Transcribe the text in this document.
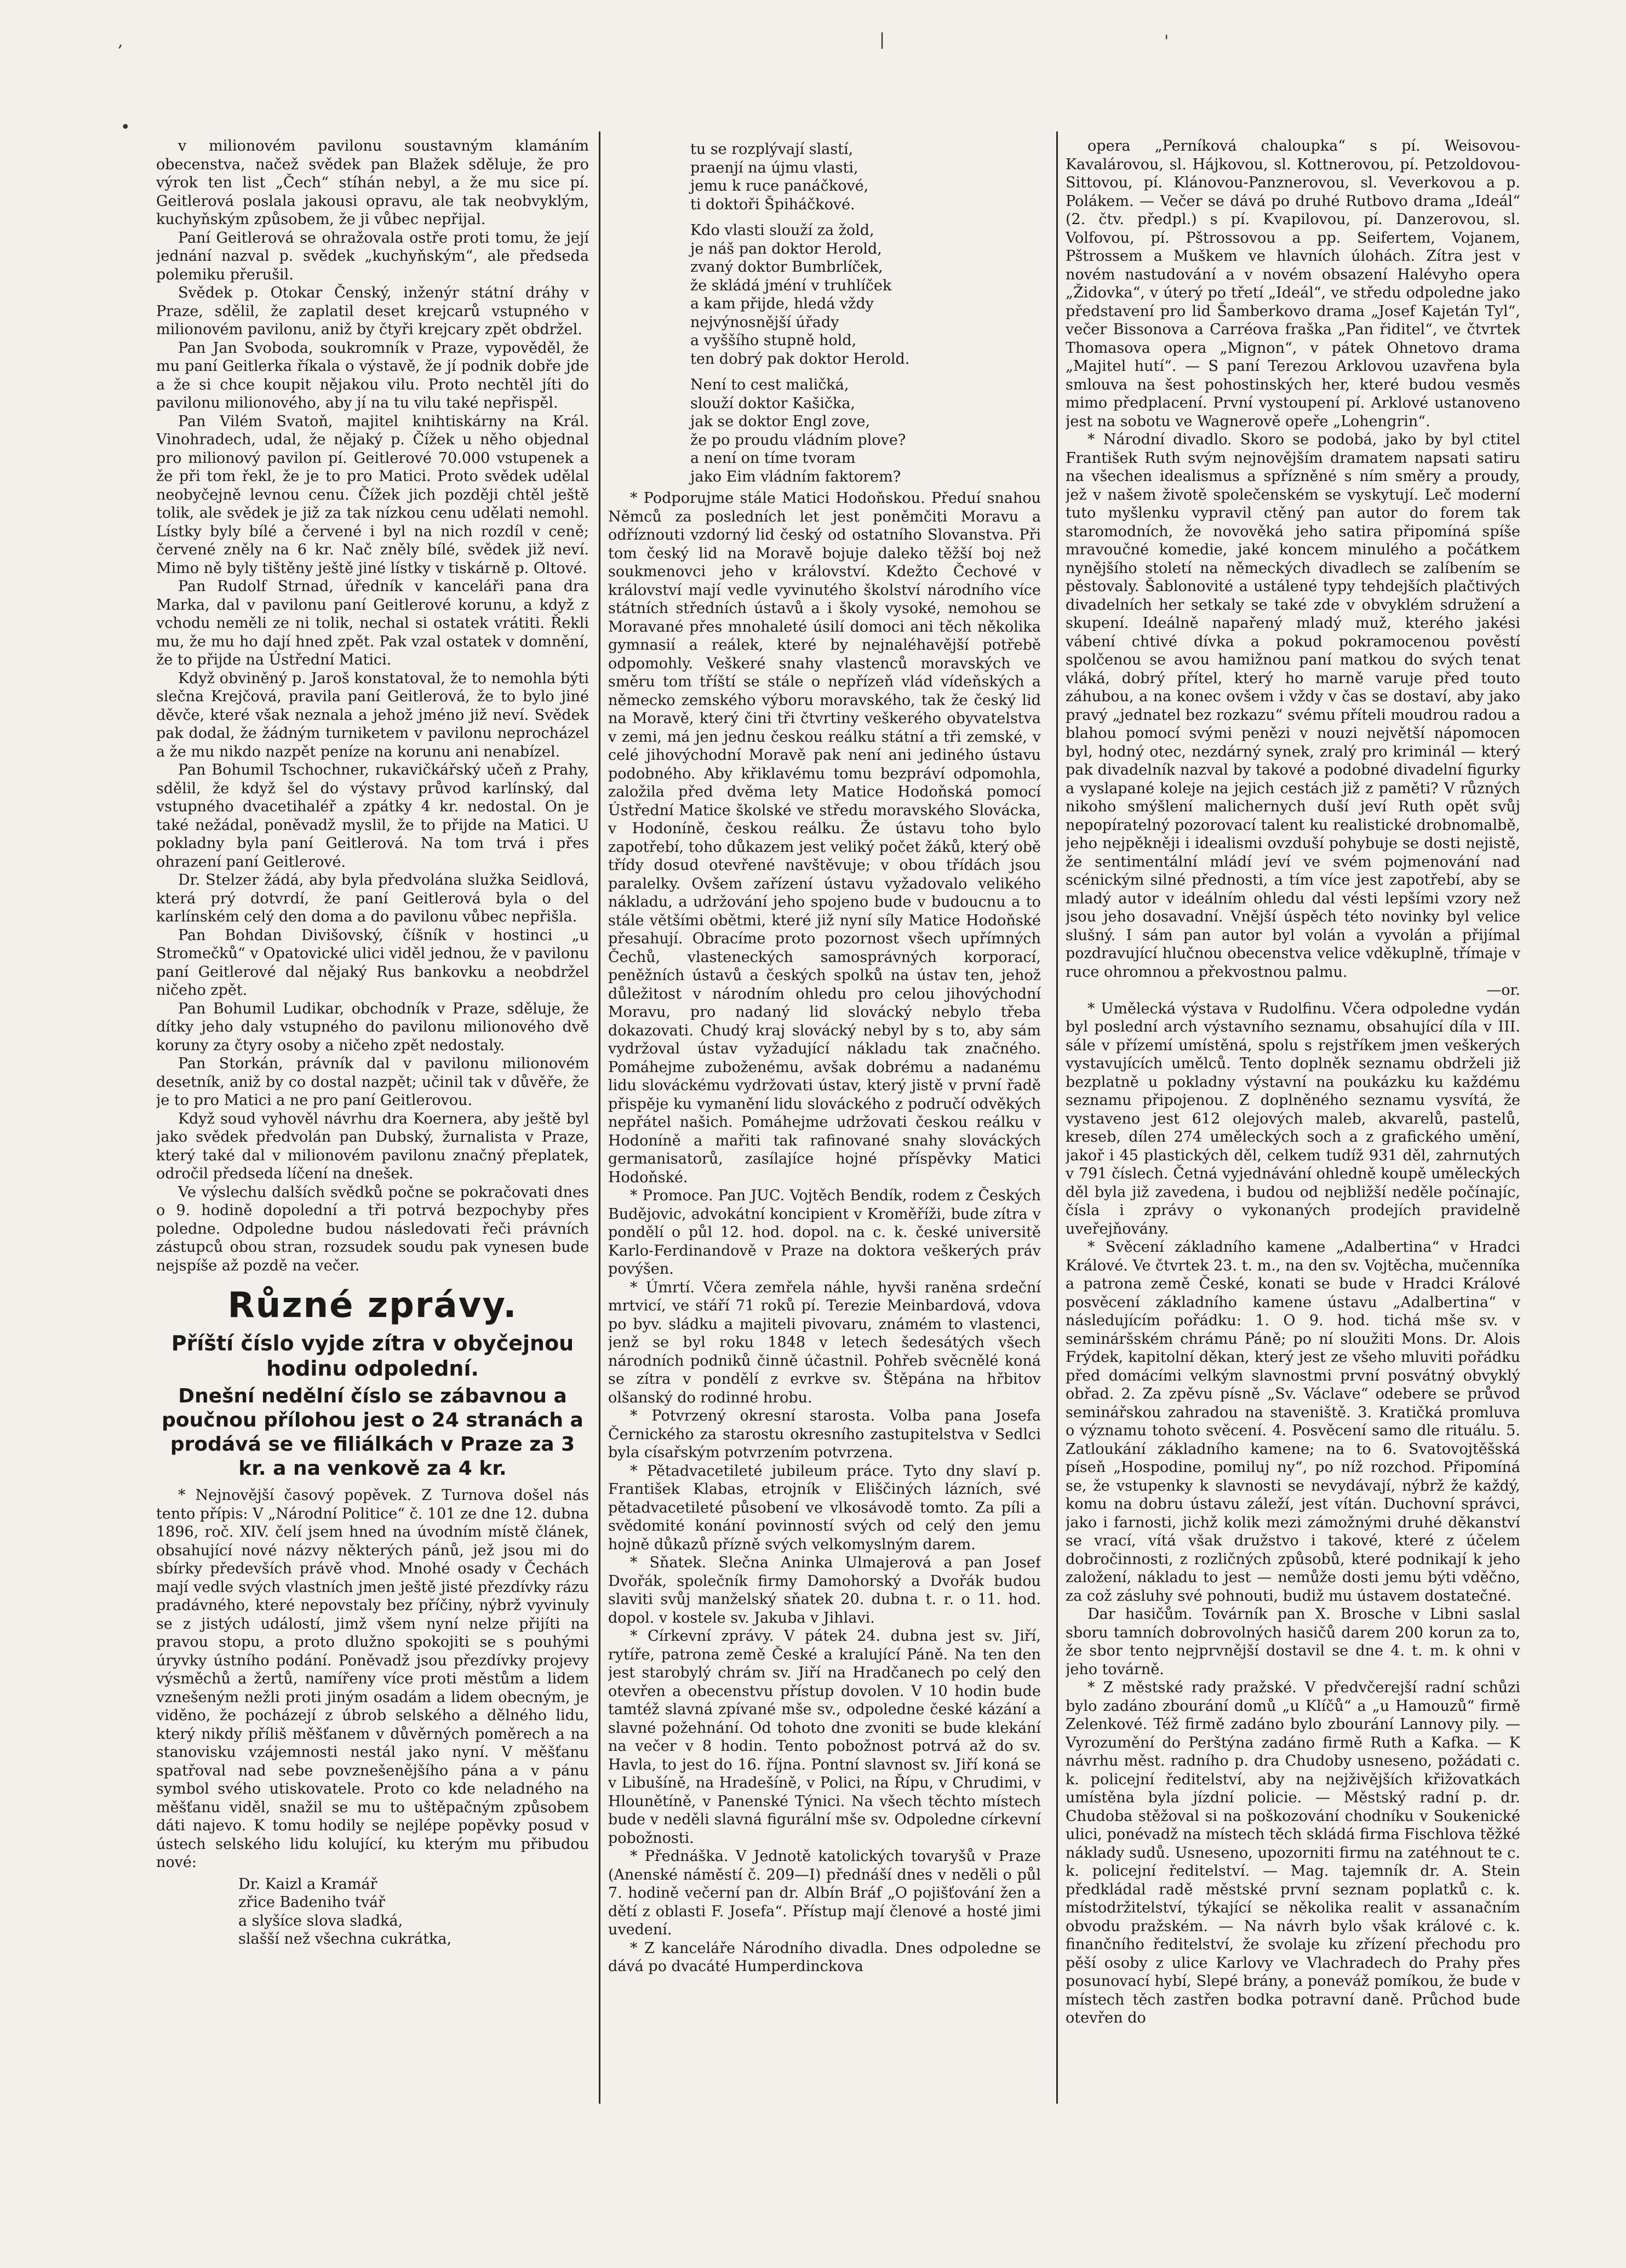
,	|	'
•

v milionovém pavilonu soustavným klamáním obecenstva, načež svědek pan Blažek sděluje, že pro výrok ten list „Čech“ stíhán nebyl, a že mu sice pí. Geitlerová poslala jakousi opravu, ale tak neobvyklým, kuchyňským způsobem, že ji vůbec nepřijal.

Paní Geitlerová se ohražovala ostře proti tomu, že její jednání nazval p. svědek „kuchyňským“, ale předseda polemiku přerušil.

Svědek p. Otokar Čenský, inženýr státní dráhy v Praze, sdělil, že zaplatil deset krejcarů vstupného v milionovém pavilonu, aniž by čtyři krejcary zpět obdržel.

Pan Jan Svoboda, soukromník v Praze, vypověděl, že mu paní Geitlerka říkala o výstavě, že jí podnik dobře jde a že si chce koupit nějakou vilu. Proto nechtěl jíti do pavilonu milionového, aby jí na tu vilu také nepřispěl.

Pan Vilém Svatoň, majitel knihtiskárny na Král. Vinohradech, udal, že nějaký p. Čížek u něho objednal pro milionový pavilon pí. Geitlerové 70.000 vstupenek a že při tom řekl, že je to pro Matici. Proto svědek udělal neobyčejně levnou cenu. Čížek jich později chtěl ještě tolik, ale svědek je již za tak nízkou cenu udělati nemohl. Lístky byly bílé a červené i byl na nich rozdíl v ceně; červené zněly na 6 kr. Nač zněly bílé, svědek již neví. Mimo ně byly tištěny ještě jiné lístky v tiskárně p. Oltové.

Pan Rudolf Strnad, úředník v kanceláři pana dra Marka, dal v pavilonu paní Geitlerové korunu, a když z vchodu neměli ze ni tolik, nechal si ostatek vrátiti. Řekli mu, že mu ho dají hned zpět. Pak vzal ostatek v domnění, že to přijde na Ústřední Matici.

Když obviněný p. Jaroš konstatoval, že to nemohla býti slečna Krejčová, pravila paní Geitlerová, že to bylo jiné děvče, které však neznala a jehož jméno již neví. Svědek pak dodal, že žádným turniketem v pavilonu neprocházel a že mu nikdo nazpět peníze na korunu ani nenabízel.

Pan Bohumil Tschochner, rukavičkářský učeň z Prahy, sdělil, že když šel do výstavy průvod karlínský, dal vstupného dvacetihaléř a zpátky 4 kr. nedostal. On je také nežádal, poněvadž myslil, že to přijde na Matici. U pokladny byla paní Geitlerová. Na tom trvá i přes ohrazení paní Geitlerové.

Dr. Stelzer žádá, aby byla předvolána služka Seidlová, která prý dotvrdí, že paní Geitlerová byla o del karlínském celý den doma a do pavilonu vůbec nepřišla.

Pan Bohdan Divišovský, číšník v hostinci „u Stromečků“ v Opatovické ulici viděl jednou, že v pavilonu paní Geitlerové dal nějaký Rus bankovku a neobdržel ničeho zpět.

Pan Bohumil Ludikar, obchodník v Praze, sděluje, že dítky jeho daly vstupného do pavilonu milionového dvě koruny za čtyry osoby a ničeho zpět nedostaly.

Pan Storkán, právník dal v pavilonu milionovém desetník, aniž by co dostal nazpět; učinil tak v důvěře, že je to pro Matici a ne pro paní Geitlerovou.

Když soud vyhověl návrhu dra Koernera, aby ještě byl jako svědek předvolán pan Dubský, žurnalista v Praze, který také dal v milionovém pavilonu značný přeplatek, odročil předseda líčení na dnešek.

Ve výslechu dalších svědků počne se pokračovati dnes o 9. hodině dopolední a tři potrvá bezpochyby přes poledne. Odpoledne budou následovati řeči právních zástupců obou stran, rozsudek soudu pak vynesen bude nejspíše až pozdě na večer.

Různé zprávy.
Příští číslo vyjde zítra v obyčejnou hodinu odpolední.
Dnešní nedělní číslo se zábavnou a poučnou přílohou jest o 24 stranách a prodává se ve filiálkách v Praze za 3 kr. a na venkově za 4 kr.

* Nejnovější časový popěvek. Z Turnova došel nás tento přípis: V „Národní Politice“ č. 101 ze dne 12. dubna 1896, roč. XIV. čelí jsem hned na úvodním místě článek, obsahující nové názvy některých pánů, jež jsou mi do sbírky předevších právě vhod. Mnohé osady v Čechách mají vedle svých vlastních jmen ještě jisté přezdívky rázu pradávného, které nepovstaly bez příčiny, nýbrž vyvinuly se z jistých událostí, jimž všem nyní nelze přijíti na pravou stopu, a proto dlužno spokojiti se s pouhými úryvky ústního podání. Poněvadž jsou přezdívky projevy výsměchů a žertů, namířeny více proti městům a lidem vznešeným nežli proti jiným osadám a lidem obecným, je viděno, že pocházejí z úbrob selského a dělného lidu, který nikdy příliš měšťanem v důvěrných poměrech a na stanovisku vzájemnosti nestál jako nyní. V měšťanu spatřoval nad sebe povznešenějšího pána a v pánu symbol svého utiskovatele. Proto co kde neladného na měšťanu viděl, snažil se mu to uštěpačným způsobem dáti najevo. K tomu hodily se nejlépe popěvky posud v ústech selského lidu kolující, ku kterým mu přibudou nové:

Dr. Kaizl a Kramář
zřice Badeniho tvář
a slyšíce slova sladká,
slašší než všechna cukrátka,
tu se rozplývají slastí,
praenjí na újmu vlasti,
jemu k ruce panáčkové,
ti doktoři Špiháčkové.
Kdo vlasti slouží za žold,
je náš pan doktor Herold,
zvaný doktor Bumbrlíček,
že skládá jméní v truhlíček
a kam přijde, hledá vždy
nejvýnosnější úřady
a vyššího stupně hold,
ten dobrý pak doktor Herold.
Není to cest maličká,
slouží doktor Kašička,
jak se doktor Engl zove,
že po proudu vládním plove?
a není on tíme tvoram
jako Eim vládním faktorem?

* Podporujme stále Matici Hodoňskou. Předuí snahou Němců za posledních let jest poněmčiti Moravu a odříznouti vzdorný lid český od ostatního Slovanstva. Při tom český lid na Moravě bojuje daleko těžší boj než soukmenovci jeho v království. Kdežto Čechové v království mají vedle vyvinutého školství národního více státních středních ústavů a i školy vysoké, nemohou se Moravané přes mnohaleté úsilí domoci ani těch několika gymnasií a reálek, které by nejnaléhavější potřebě odpomohly. Veškeré snahy vlastenců moravských ve směru tom tříští se stále o nepřízeň vlád vídeňských a německo zemského výboru moravského, tak že český lid na Moravě, který čini tři čtvrtiny veškerého obyvatelstva v zemi, má jen jednu českou reálku státní a tři zemské, v celé jihovýchodní Moravě pak není ani jediného ústavu podobného. Aby křiklavému tomu bezpráví odpomohla, založila před dvěma lety Matice Hodoňská pomocí Ústřední Matice školské ve středu moravského Slovácka, v Hodoníně, českou reálku. Že ústavu toho bylo zapotřebí, toho důkazem jest veliký počet žáků, který obě třídy dosud otevřené navštěvuje; v obou třídách jsou paralelky. Ovšem zařízení ústavu vyžadovalo velikého nákladu, a udržování jeho spojeno bude v budoucnu a to stále většími obětmi, které již nyní síly Matice Hodoňské přesahují. Obracíme proto pozornost všech upřímných Čechů, vlasteneckých samosprávných korporací, peněžních ústavů a českých spolků na ústav ten, jehož důležitost v národním ohledu pro celou jihovýchodní Moravu, pro nadaný lid slovácký nebylo třeba dokazovati. Chudý kraj slovácký nebyl by s to, aby sám vydržoval ústav vyžadující nákladu tak značného. Pomáhejme zuboženému, avšak dobrému a nadanému lidu slováckému vydržovati ústav, který jistě v první řadě přispěje ku vymanění lidu slováckého z područí odvěkých nepřátel našich. Pomáhejme udržovati českou reálku v Hodoníně a mařiti tak rafinované snahy slováckých germanisatorů, zasílajíce hojné příspěvky Matici Hodoňské.

* Promoce. Pan JUC. Vojtěch Bendík, rodem z Českých Budějovic, advokátní koncipient v Kroměříži, bude zítra v pondělí o půl 12. hod. dopol. na c. k. české universitě Karlo-Ferdinandově v Praze na doktora veškerých práv povýšen.

* Úmrtí. Včera zemřela náhle, hyvši raněna srdeční mrtvicí, ve stáří 71 roků pí. Terezie Meinbardová, vdova po byv. sládku a majiteli pivovaru, známém to vlastenci, jenž se byl roku 1848 v letech šedesátých všech národních podniků činně účastnil. Pohřeb svěcnělé koná se zítra v pondělí z evrkve sv. Štěpána na hřbitov olšanský do rodinné hrobu.

* Potvrzený okresní starosta. Volba pana Josefa Černického za starostu okresního zastupitelstva v Sedlci byla císařským potvrzením potvrzena.

* Pětadvacetileté jubileum práce. Tyto dny slaví p. František Klabas, etrojník v Eliščiných lázních, své pětadvacetileté působení ve vlkosávodě tomto. Za píli a svědomité konání povinností svých od celý den jemu hojně důkazů přízně svých velkomyslným darem.

* Sňatek. Slečna Aninka Ulmajerová a pan Josef Dvořák, společník firmy Damohorský a Dvořák budou slaviti svůj manželský sňatek 20. dubna t. r. o 11. hod. dopol. v kostele sv. Jakuba v Jihlavi.

* Církevní zprávy. V pátek 24. dubna jest sv. Jiří, rytíře, patrona země České a kralující Páně. Na ten den jest starobylý chrám sv. Jiří na Hradčanech po celý den otevřen a obecenstvu přístup dovolen. V 10 hodin bude tamtéž slavná zpívané mše sv., odpoledne české kázání a slavné požehnání. Od tohoto dne zvoniti se bude klekání na večer v 8 hodin. Tento pobožnost potrvá až do sv. Havla, to jest do 16. října. Pontní slavnost sv. Jiří koná se v Libušíně, na Hradešíně, v Polici, na Řípu, v Chrudimi, v Hlounětíně, v Panenské Týnici. Na všech těchto místech bude v neděli slavná figurální mše sv. Odpoledne církevní pobožnosti.

* Přednáška. V Jednotě katolických tovaryšů v Praze (Anenské náměstí č. 209—I) přednáší dnes v neděli o půl 7. hodině večerní pan dr. Albín Bráf „O pojišťování žen a dětí z oblasti F. Josefa“. Přístup mají členové a hosté jimi uvedení.

* Z kanceláře Národního divadla. Dnes odpoledne se dává po dvacáté Humperdinckova

opera „Perníková chaloupka“ s pí. Weisovou-Kavalárovou, sl. Hájkovou, sl. Kottnerovou, pí. Petzoldovou-Sittovou, pí. Klánovou-Panznerovou, sl. Veverkovou a p. Polákem. — Večer se dává po druhé Rutbovo drama „Ideál“ (2. čtv. předpl.) s pí. Kvapilovou, pí. Danzerovou, sl. Volfovou, pí. Pštrossovou a pp. Seifertem, Vojanem, Pštrossem a Muškem ve hlavních úlohách. Zítra jest v novém nastudování a v novém obsazení Halévyho opera „Židovka“, v úterý po třetí „Ideál“, ve středu odpoledne jako představení pro lid Šamberkovo drama „Josef Kajetán Tyl“, večer Bissonova a Carréova fraška „Pan řiditel“, ve čtvrtek Thomasova opera „Mignon“, v pátek Ohnetovo drama „Majitel hutí“. — S paní Terezou Arklovou uzavřena byla smlouva na šest pohostinských her, které budou vesměs mimo předplacení. První vystoupení pí. Arklové ustanoveno jest na sobotu ve Wagnerově opeře „Lohengrin“.

* Národní divadlo. Skoro se podobá, jako by byl ctitel František Ruth svým nejnovějším dramatem napsati satiru na všechen idealismus a spřízněné s ním směry a proudy, jež v našem životě společenském se vyskytují. Leč moderní tuto myšlenku vypravil ctěný pan autor do forem tak staromodních, že novověká jeho satira připomíná spíše mravoučné komedie, jaké koncem minulého a počátkem nynějšího století na německých divadlech se zalíbením se pěstovaly. Šablonovité a ustálené typy tehdejších plačtivých divadelních her setkaly se také zde v obvyklém sdružení a skupení. Ideálně napařený mladý muž, kterého jakési vábení chtivé dívka a pokud pokramocenou pověstí spolčenou se avou hamižnou paní matkou do svých tenat vláká, dobrý přítel, který ho marně varuje před touto záhubou, a na konec ovšem i vždy v čas se dostaví, aby jako pravý „jednatel bez rozkazu“ svému příteli moudrou radou a blahou pomocí svými penězi v nouzi největší nápomocen byl, hodný otec, nezdárný synek, zralý pro kriminál — který pak divadelník nazval by takové a podobné divadelní figurky a vyslapané koleje na jejich cestách již z paměti? V různých nikoho smýšlení malichernych duší jeví Ruth opět svůj nepopíratelný pozorovací talent ku realistické drobnomalbě, jeho nejpěkněji i idealismi ovzduší pohybuje se dosti nejistě, že sentimentální mládí jeví ve svém pojmenování nad scénickým silné přednosti, a tím více jest zapotřebí, aby se mladý autor v ideálním ohledu dal vésti lepšími vzory než jsou jeho dosavadní. Vnější úspěch této novinky byl velice slušný. I sám pan autor byl volán a vyvolán a přijímal pozdravující hlučnou obecenstva velice vděkuplně, třímaje v ruce ohromnou a překvostnou palmu.

—or.

* Umělecká výstava v Rudolfinu. Včera odpoledne vydán byl poslední arch výstavního seznamu, obsahující díla v III. sále v přízemí umístěná, spolu s rejstříkem jmen veškerých vystavujících umělců. Tento doplněk seznamu obdrželi již bezplatně u pokladny výstavní na poukázku ku každému seznamu připojenou. Z doplněného seznamu vysvítá, že vystaveno jest 612 olejových maleb, akvarelů, pastelů, kreseb, dílen 274 uměleckých soch a z grafického umění, jakoř i 45 plastických děl, celkem tudíž 931 děl, zahrnutých v 791 číslech. Četná vyjednávání ohledně koupě uměleckých děl byla již zavedena, i budou od nejbližší neděle počínajíc, čísla i zprávy o vykonaných prodejích pravidelně uveřejňovány.

* Svěcení základního kamene „Adalbertina“ v Hradci Králové. Ve čtvrtek 23. t. m., na den sv. Vojtěcha, mučenníka a patrona země České, konati se bude v Hradci Králové posvěcení základního kamene ústavu „Adalbertina“ v následujícím pořádku: 1. O 9. hod. tichá mše sv. v semináršském chrámu Páně; po ní sloužiti Mons. Dr. Alois Frýdek, kapitolní děkan, který jest ze všeho mluviti pořádku před domácími velkým slavnostmi první posvátný obvyklý obřad. 2. Za zpěvu písně „Sv. Václave“ odebere se průvod seminářskou zahradou na staveniště. 3. Kratičká promluva o významu tohoto svěcení. 4. Posvěcení samo dle rituálu. 5. Zatloukání základního kamene; na to 6. Svatovojtěšská píseň „Hospodine, pomiluj ny“, po níž rozchod. Připomíná se, že vstupenky k slavnosti se nevydávají, nýbrž že každý, komu na dobru ústavu záleží, jest vítán. Duchovní správci, jako i farnosti, jichž kolik mezi zámožnými druhé děkanství se vrací, vítá však družstvo i takové, které z účelem dobročinnosti, z rozličných způsobů, které podnikají k jeho založení, nákladu to jest — nemůže dosti jemu býti vděčno, za což zásluhy své pohnouti, budiž mu ústavem dostatečné.

Dar hasičům. Továrník pan X. Brosche v Libni saslal sboru tamních dobrovolných hasičů darem 200 korun za to, že sbor tento nejprvnější dostavil se dne 4. t. m. k ohni v jeho továrně.

* Z městské rady pražské. V předvčerejší radní schůzi bylo zadáno zbourání domů „u Klíčů“ a „u Hamouzů“ firmě Zelenkové. Též firmě zadáno bylo zbourání Lannovy pily. — Vyrozumění do Perštýna zadáno firmě Ruth a Kafka. — K návrhu měst. radního p. dra Chudoby usneseno, požádati c. k. policejní ředitelství, aby na nejživějších křižovatkách umístěna byla jízdní policie. — Městský radní p. dr. Chudoba stěžoval si na poškozování chodníku v Soukenické ulici, ponévadž na místech těch skládá firma Fischlova těžké náklady sudů. Usneseno, upozorniti firmu na zatéhnout te c. k. policejní ředitelství. — Mag. tajemník dr. A. Stein předkládal radě městské první seznam poplatků c. k. místodržitelství, týkající se několika realit v assanačním obvodu pražském. — Na návrh bylo však králové c. k. finančního ředitelství, že svolaje ku zřízení přechodu pro pěší osoby z ulice Karlovy ve Vlachradech do Prahy přes posunovací hybí, Slepé brány, a poneváž pomíkou, že bude v místech těch zastřen bodka potravní daně. Průchod bude otevřen do
